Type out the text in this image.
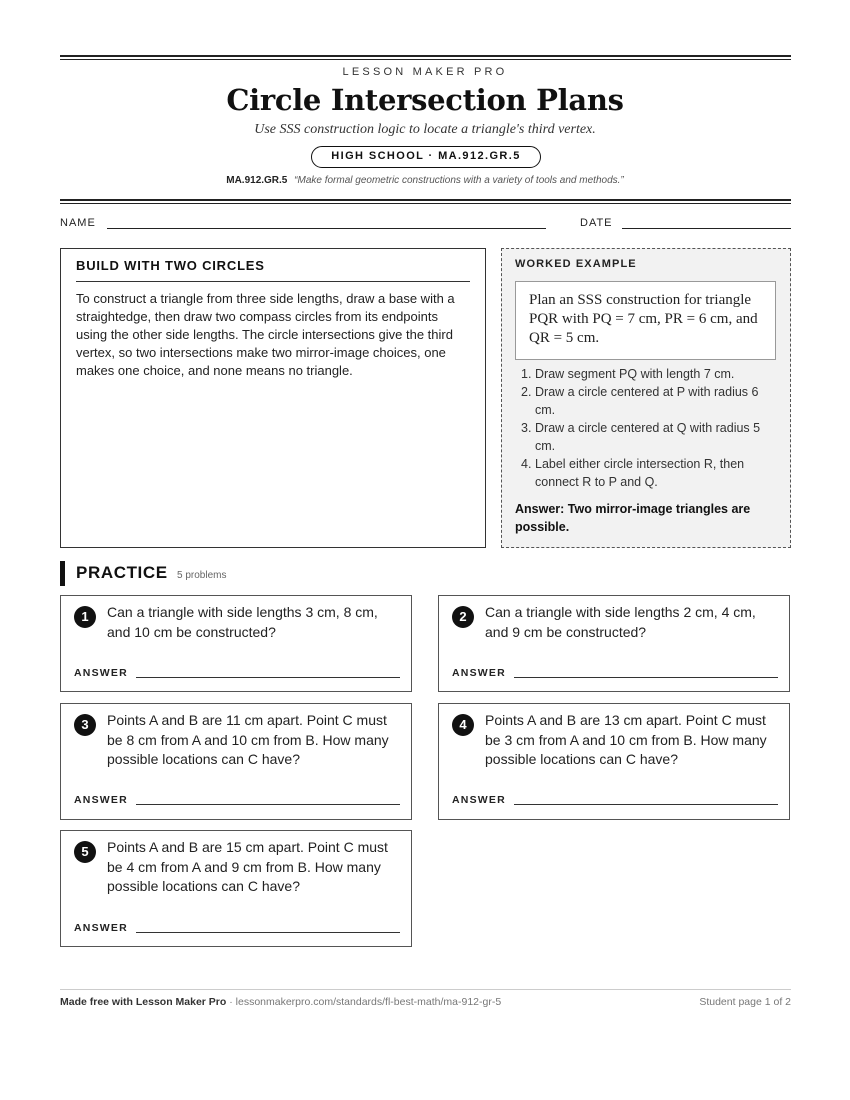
LESSON MAKER PRO
Circle Intersection Plans
Use SSS construction logic to locate a triangle's third vertex.
HIGH SCHOOL · MA.912.GR.5
MA.912.GR.5 “Make formal geometric constructions with a variety of tools and methods.”
NAME	DATE
BUILD WITH TWO CIRCLES

To construct a triangle from three side lengths, draw a base with a straightedge, then draw two compass circles from its endpoints using the other side lengths. The circle intersections give the third vertex, so two intersections make two mirror-image choices, one makes one choice, and none means no triangle.

WORKED EXAMPLE
Plan an SSS construction for triangle PQR with PQ = 7 cm, PR = 6 cm, and QR = 5 cm.
1. Draw segment PQ with length 7 cm.
2. Draw a circle centered at P with radius 6 cm.
3. Draw a circle centered at Q with radius 5 cm.
4. Label either circle intersection R, then connect R to P and Q.
Answer: Two mirror-image triangles are possible.
PRACTICE 5 problems
1	Can a triangle with side lengths 3 cm, 8 cm, and 10 cm be constructed?
ANSWER
2	Can a triangle with side lengths 2 cm, 4 cm, and 9 cm be constructed?
ANSWER
3	Points A and B are 11 cm apart. Point C must be 8 cm from A and 10 cm from B. How many possible locations can C have?
ANSWER
4	Points A and B are 13 cm apart. Point C must be 3 cm from A and 10 cm from B. How many possible locations can C have?
ANSWER
5	Points A and B are 15 cm apart. Point C must be 4 cm from A and 9 cm from B. How many possible locations can C have?
ANSWER
Made free with Lesson Maker Pro · lessonmakerpro.com/standards/fl-best-math/ma-912-gr-5	Student page 1 of 2
